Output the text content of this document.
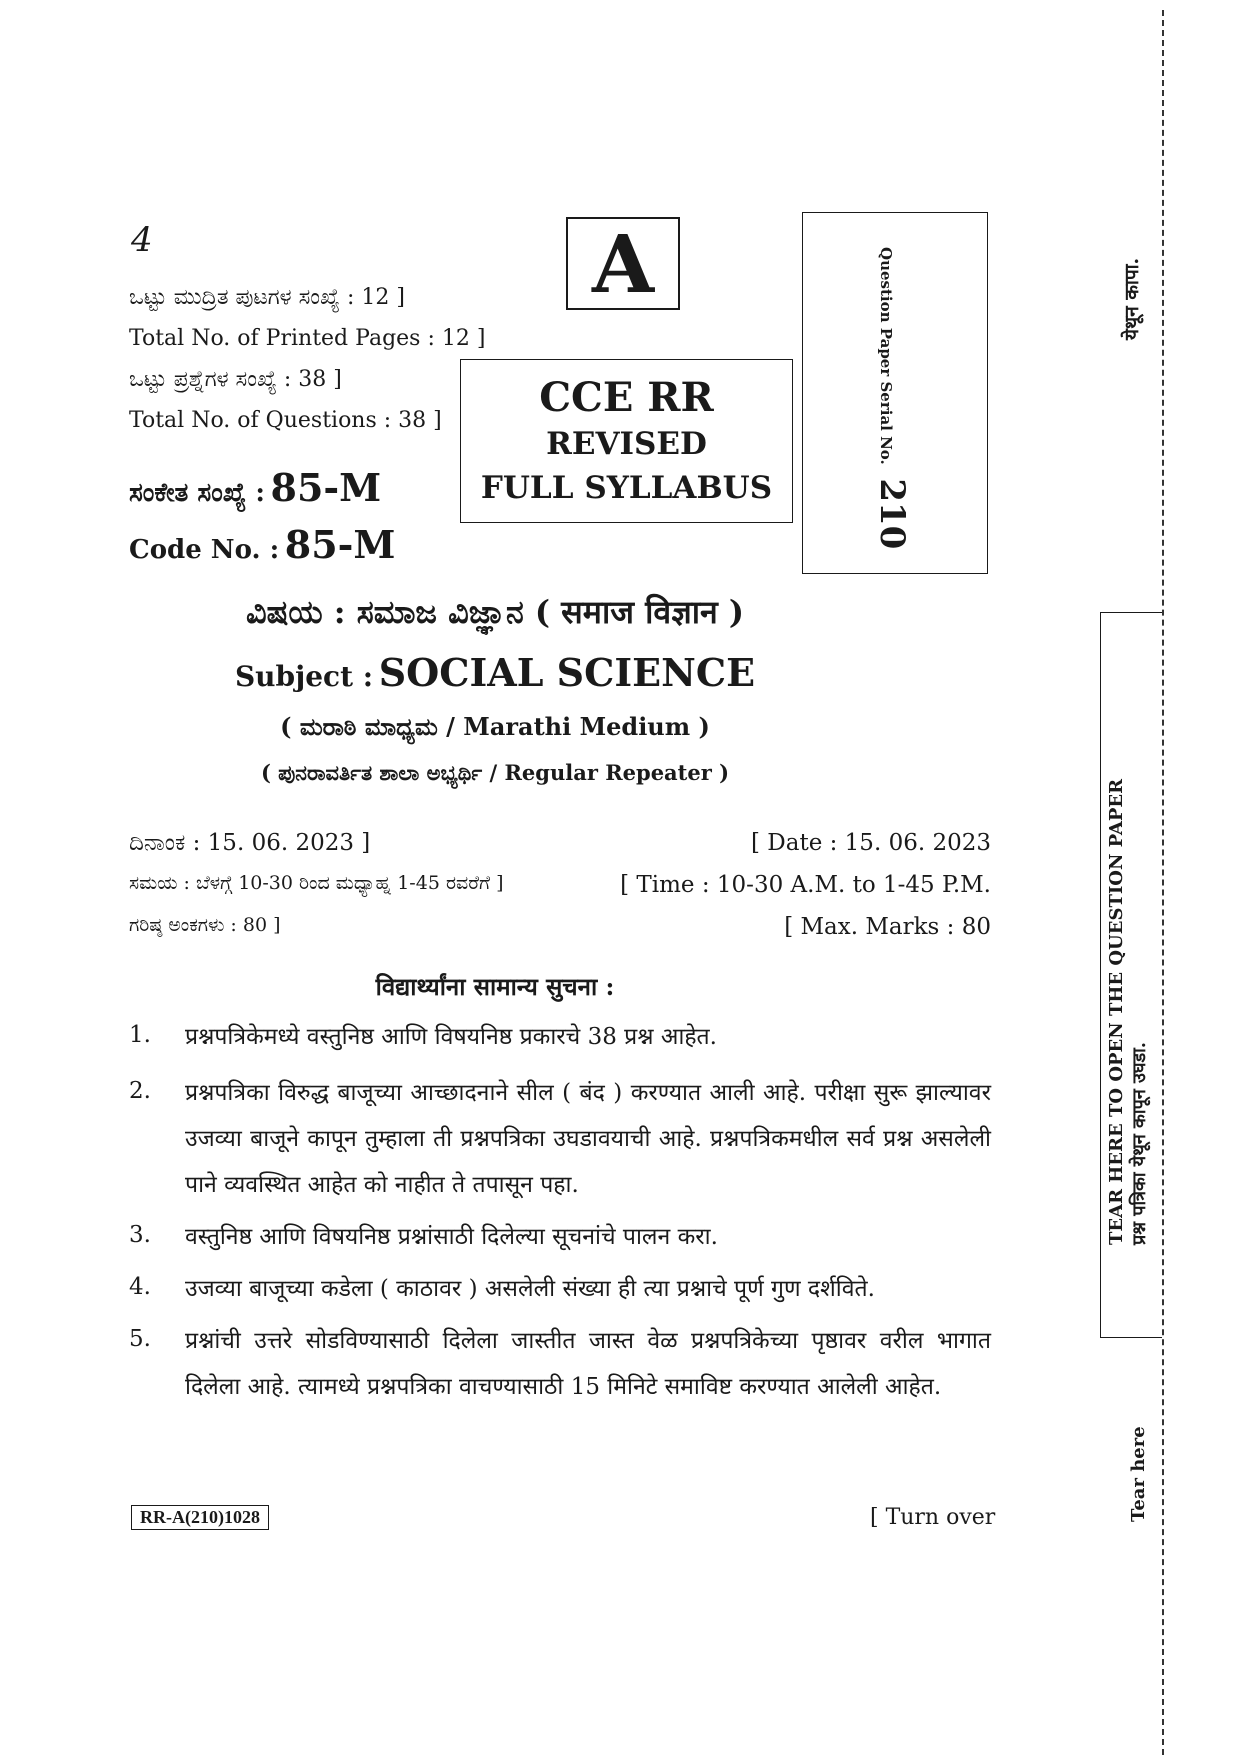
4
ಒಟ್ಟು ಮುದ್ರಿತ ಪುಟಗಳ ಸಂಖ್ಯೆ : 12 ]
Total No. of Printed Pages : 12 ]
ಒಟ್ಟು ಪ್ರಶ್ನೆಗಳ ಸಂಖ್ಯೆ : 38 ]
Total No. of Questions : 38 ]
ಸಂಕೇತ ಸಂಖ್ಯೆ : 85-M
Code No. : 85-M
A
CCE RR
REVISED
FULL SYLLABUS
Question Paper Serial No. 210
ವಿಷಯ : ಸಮಾಜ ವಿಜ್ಞಾನ ( समाज विज्ञान )
Subject : SOCIAL SCIENCE
( ಮರಾಠಿ ಮಾಧ್ಯಮ / Marathi Medium )
( ಪುನರಾವರ್ತಿತ ಶಾಲಾ ಅಭ್ಯರ್ಥಿ / Regular Repeater )
ದಿನಾಂಕ : 15. 06. 2023 ]	[ Date : 15. 06. 2023
ಸಮಯ : ಬೆಳಗ್ಗೆ 10-30 ರಿಂದ ಮಧ್ಯಾಹ್ನ 1-45 ರವರೆಗೆ ]	[ Time : 10-30 A.M. to 1-45 P.M.
ಗರಿಷ್ಠ ಅಂಕಗಳು : 80 ]	[ Max. Marks : 80
विद्यार्थ्यांना सामान्य सुचना :
1. प्रश्नपत्रिकेमध्ये वस्तुनिष्ठ आणि विषयनिष्ठ प्रकारचे 38 प्रश्न आहेत.
2. प्रश्नपत्रिका विरुद्ध बाजूच्या आच्छादनाने सील ( बंद ) करण्यात आली आहे. परीक्षा सुरू झाल्यावर उजव्या बाजूने कापून तुम्हाला ती प्रश्नपत्रिका उघडावयाची आहे. प्रश्नपत्रिकमधील सर्व प्रश्न असलेली पाने व्यवस्थित आहेत को नाहीत ते तपासून पहा.
3. वस्तुनिष्ठ आणि विषयनिष्ठ प्रश्नांसाठी दिलेल्या सूचनांचे पालन करा.
4. उजव्या बाजूच्या कडेला ( काठावर ) असलेली संख्या ही त्या प्रश्नाचे पूर्ण गुण दर्शविते.
5. प्रश्नांची उत्तरे सोडविण्यासाठी दिलेला जास्तीत जास्त वेळ प्रश्नपत्रिकेच्या पृष्ठावर वरील भागात दिलेला आहे. त्यामध्ये प्रश्नपत्रिका वाचण्यासाठी 15 मिनिटे समाविष्ट करण्यात आलेली आहेत.
RR-A(210)1028	[ Turn over
येथून कापा.
TEAR HERE TO OPEN THE QUESTION PAPER प्रश्न पत्रिका येथून कापून उघडा.
Tear here
